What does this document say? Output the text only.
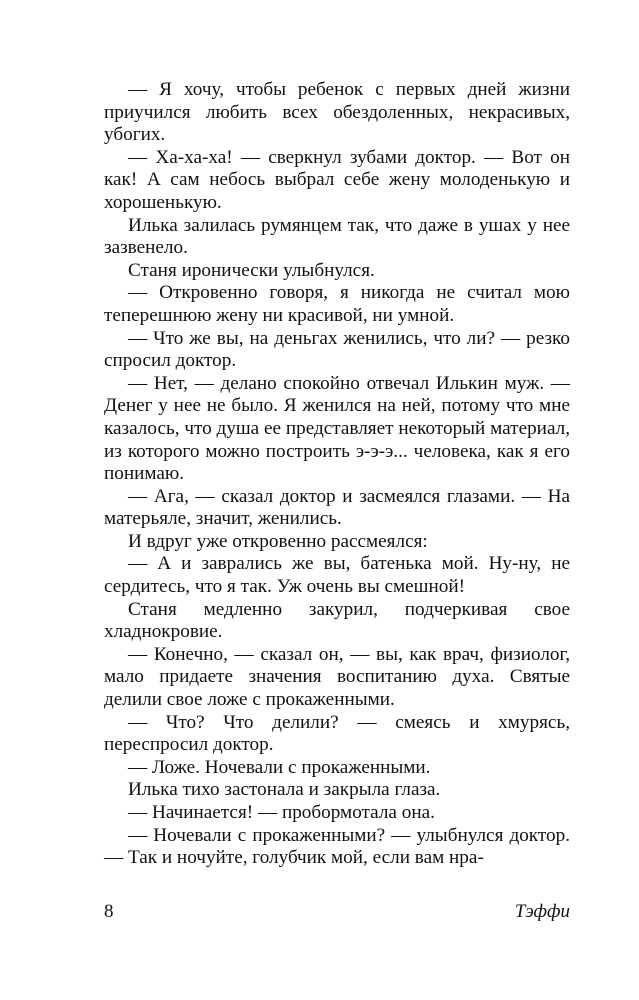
— Я хочу, чтобы ребенок с первых дней жизни приучился любить всех обездоленных, некрасивых, убогих.

— Ха-ха-ха! — сверкнул зубами доктор. — Вот он как! А сам небось выбрал себе жену молоденькую и хорошенькую.

Илька залилась румянцем так, что даже в ушах у нее зазвенело.

Станя иронически улыбнулся.

— Откровенно говоря, я никогда не считал мою теперешнюю жену ни красивой, ни умной.

— Что же вы, на деньгах женились, что ли? — резко спросил доктор.

— Нет, — делано спокойно отвечал Илькин муж. — Денег у нее не было. Я женился на ней, потому что мне казалось, что душа ее представляет некоторый материал, из которого можно построить э-э-э... человека, как я его понимаю.

— Ага, — сказал доктор и засмеялся глазами. — На матерьяле, значит, женились.

И вдруг уже откровенно рассмеялся:

— А и заврались же вы, батенька мой. Ну-ну, не сердитесь, что я так. Уж очень вы смешной!

Станя медленно закурил, подчеркивая свое хладнокровие.

— Конечно, — сказал он, — вы, как врач, физиолог, мало придаете значения воспитанию духа. Святые делили свое ложе с прокаженными.

— Что? Что делили? — смеясь и хмурясь, переспросил доктор.

— Ложе. Ночевали с прокаженными.

Илька тихо застонала и закрыла глаза.

— Начинается! — пробормотала она.

— Ночевали с прокаженными? — улыбнулся доктор. — Так и ночуйте, голубчик мой, если вам нра-

8	Тэффи
